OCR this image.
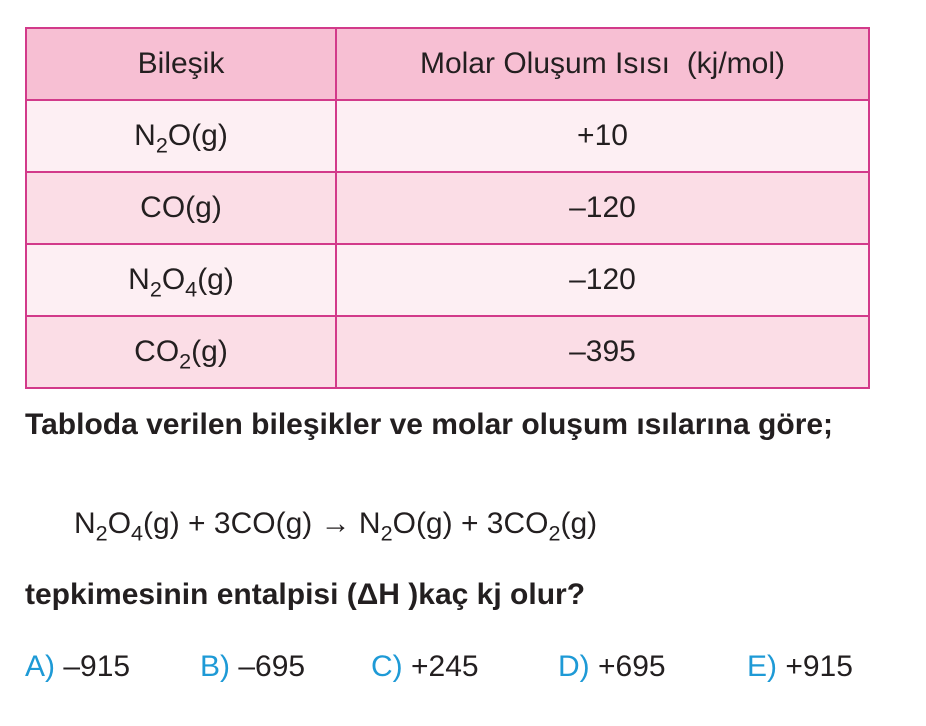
Bileşik	Molar Oluşum Isısı  (kj/mol)
$N_2O(g)$	+10
CO(g)	–120
$N_2O_4(g)$	–120
$CO_2(g)$	–395
Tabloda verilen bileşikler ve molar oluşum ısılarına göre;
$N_2O_4(g) + 3CO(g) \to N_2O(g) + 3CO_2(g)$
tepkimesinin entalpisi (ΔH )kaç kj olur?
A) –915 B) –695 C) +245	D) +695	E) +915
